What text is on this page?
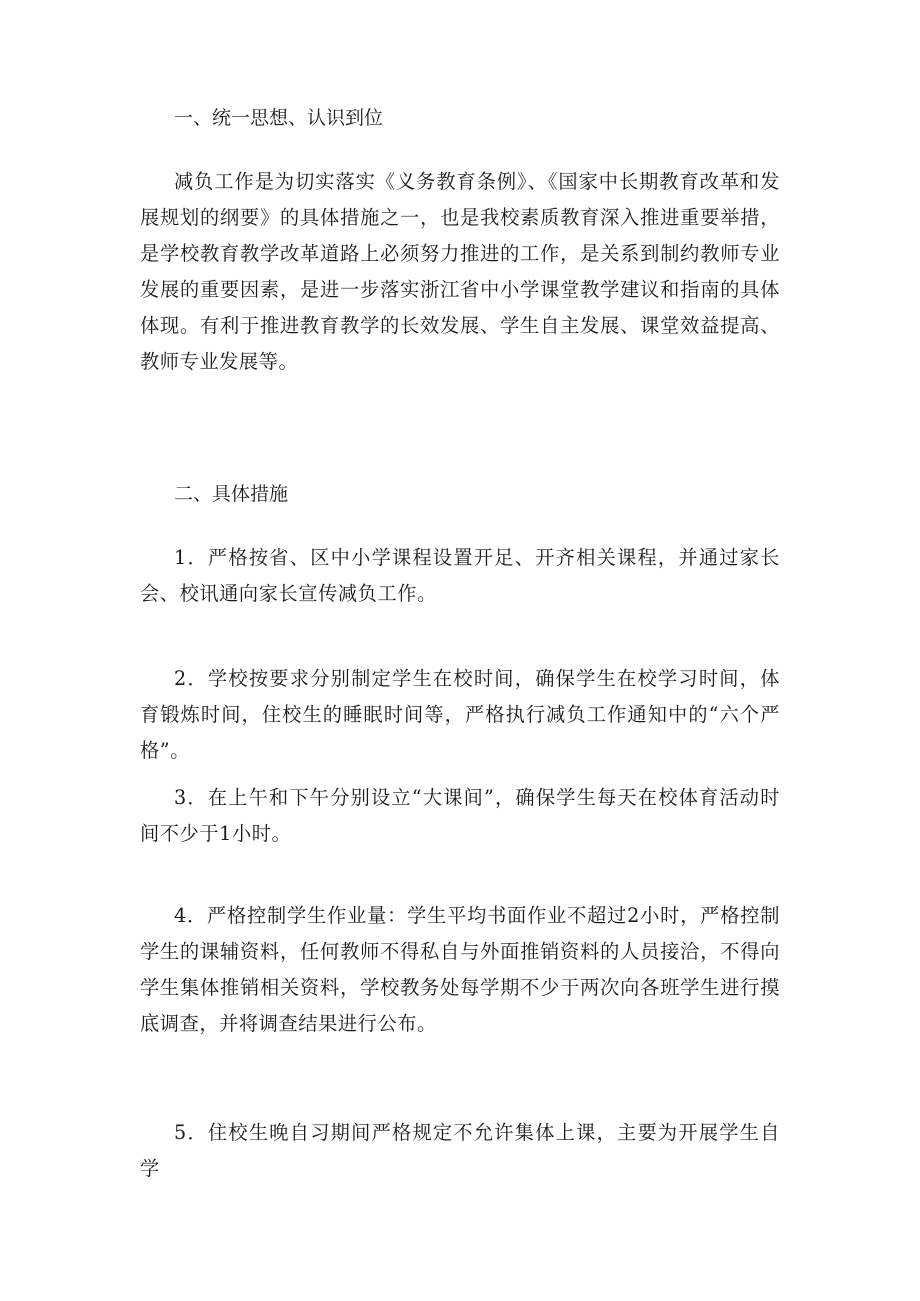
一、统一思想、认识到位
减负工作是为切实落实《义务教育条例》、《国家中长期教育改革和发展规划的纲要》的具体措施之一，也是我校素质教育深入推进重要举措，是学校教育教学改革道路上必须努力推进的工作，是关系到制约教师专业发展的重要因素，是进一步落实浙江省中小学课堂教学建议和指南的具体体现。有利于推进教育教学的长效发展、学生自主发展、课堂效益提高、教师专业发展等。
二、具体措施
1．严格按省、区中小学课程设置开足、开齐相关课程，并通过家长会、校讯通向家长宣传减负工作。
2．学校按要求分别制定学生在校时间，确保学生在校学习时间，体育锻炼时间，住校生的睡眠时间等，严格执行减负工作通知中的“六个严格”。
3．在上午和下午分别设立“大课间”，确保学生每天在校体育活动时间不少于1小时。
4．严格控制学生作业量：学生平均书面作业不超过2小时，严格控制学生的课辅资料，任何教师不得私自与外面推销资料的人员接洽，不得向学生集体推销相关资料，学校教务处每学期不少于两次向各班学生进行摸底调查，并将调查结果进行公布。
5．住校生晚自习期间严格规定不允许集体上课，主要为开展学生自学
